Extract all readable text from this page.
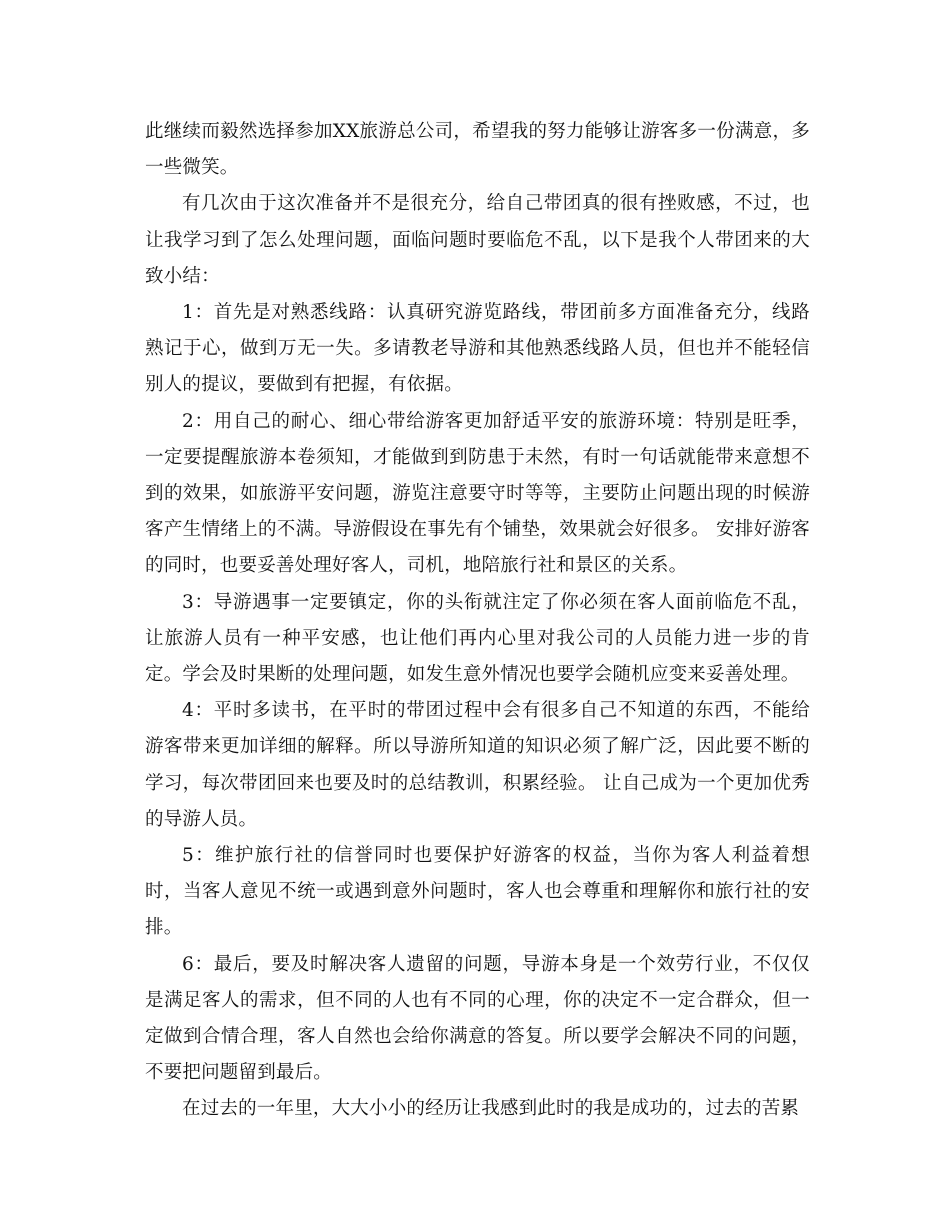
此继续而毅然选择参加XX旅游总公司，希望我的努力能够让游客多一份满意，多一些微笑。

有几次由于这次准备并不是很充分，给自己带团真的很有挫败感，不过，也让我学习到了怎么处理问题，面临问题时要临危不乱，以下是我个人带团来的大致小结：

1：首先是对熟悉线路：认真研究游览路线，带团前多方面准备充分，线路熟记于心，做到万无一失。多请教老导游和其他熟悉线路人员，但也并不能轻信别人的提议，要做到有把握，有依据。

2：用自己的耐心、细心带给游客更加舒适平安的旅游环境：特别是旺季，一定要提醒旅游本卷须知，才能做到到防患于未然，有时一句话就能带来意想不到的效果，如旅游平安问题，游览注意要守时等等，主要防止问题出现的时候游客产生情绪上的不满。导游假设在事先有个铺垫，效果就会好很多。 安排好游客的同时，也要妥善处理好客人，司机，地陪旅行社和景区的关系。

3：导游遇事一定要镇定，你的头衔就注定了你必须在客人面前临危不乱，让旅游人员有一种平安感，也让他们再内心里对我公司的人员能力进一步的肯定。学会及时果断的处理问题，如发生意外情况也要学会随机应变来妥善处理。

4：平时多读书，在平时的带团过程中会有很多自己不知道的东西，不能给游客带来更加详细的解释。所以导游所知道的知识必须了解广泛，因此要不断的学习，每次带团回来也要及时的总结教训，积累经验。 让自己成为一个更加优秀的导游人员。

5：维护旅行社的信誉同时也要保护好游客的权益，当你为客人利益着想时，当客人意见不统一或遇到意外问题时，客人也会尊重和理解你和旅行社的安排。

6：最后，要及时解决客人遗留的问题，导游本身是一个效劳行业，不仅仅是满足客人的需求，但不同的人也有不同的心理，你的决定不一定合群众，但一定做到合情合理，客人自然也会给你满意的答复。所以要学会解决不同的问题，不要把问题留到最后。

在过去的一年里，大大小小的经历让我感到此时的我是成功的，过去的苦累
